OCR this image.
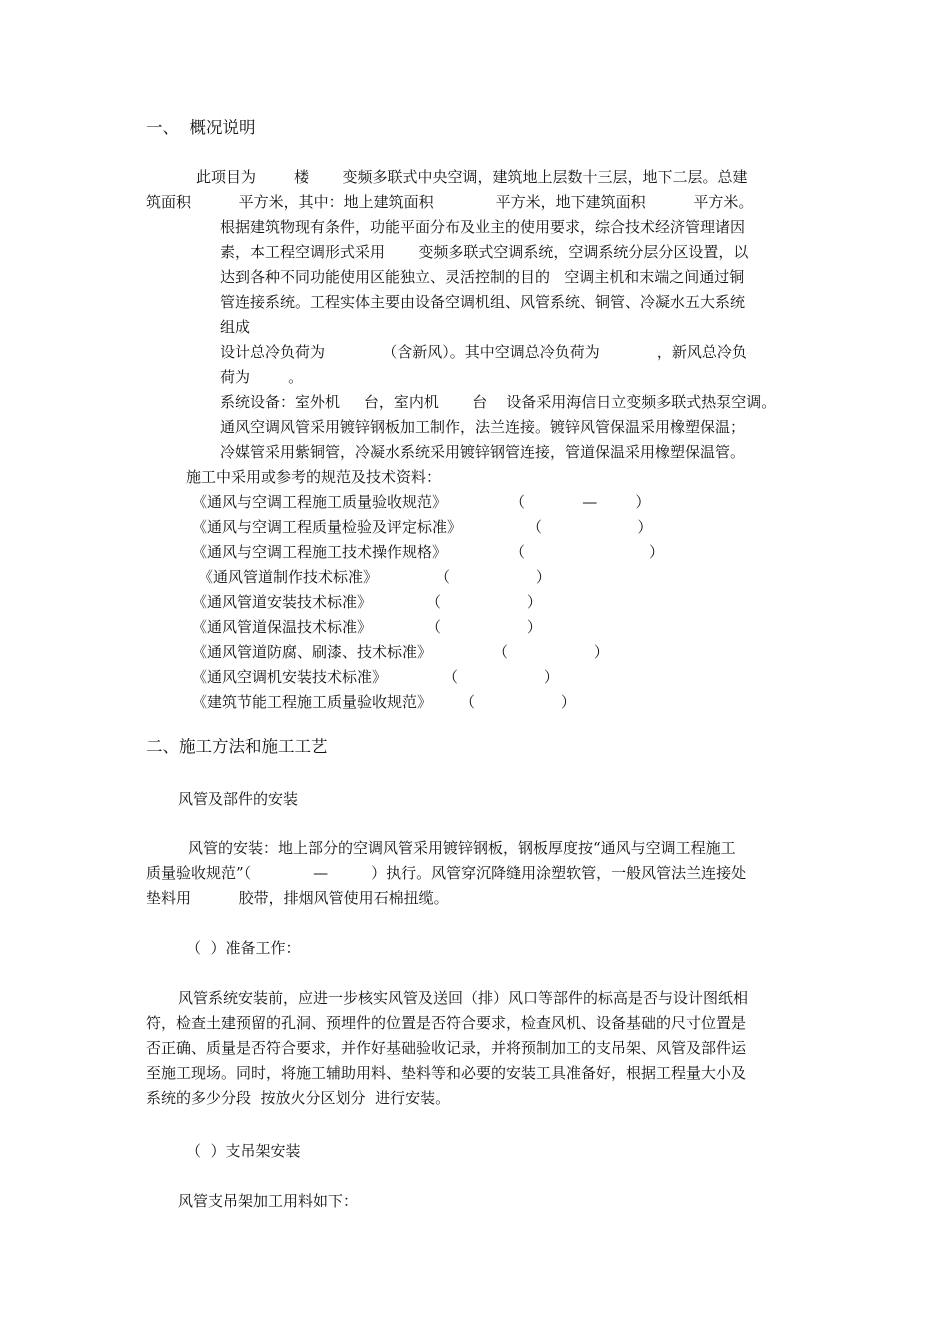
一、  概况说明
此项目为        楼       变频多联式中央空调，建筑地上层数十三层，地下二层。总建
筑面积          平方米，其中：地上建筑面积             平方米，地下建筑面积          平方米。
根据建筑物现有条件，功能平面分布及业主的使用要求，综合技术经济管理诸因
素，本工程空调形式采用       变频多联式空调系统，空调系统分层分区设置，以
达到各种不同功能使用区能独立、灵活控制的目的   空调主机和末端之间通过铜
管连接系统。工程实体主要由设备空调机组、风管系统、铜管、冷凝水五大系统
组成
设计总冷负荷为            （含新风）。其中空调总冷负荷为            ，新风总冷负
荷为        。
系统设备：室外机     台，室内机       台    设备采用海信日立变频多联式热泵空调。
通风空调风管采用镀锌钢板加工制作，法兰连接。镀锌风管保温采用橡塑保温；
冷媒管采用紫铜管，冷凝水系统采用镀锌钢管连接，管道保温采用橡塑保温管。
施工中采用或参考的规范及技术资料：
《通风与空调工程施工质量验收规范》	（            —        ）
《通风与空调工程质量检验及评定标准》	（                    ）
《通风与空调工程施工技术操作规格》	（                          ）
《通风管道制作技术标准》	（                  ）
《通风管道安装技术标准》	（                  ）
《通风管道保温技术标准》	（                  ）
《通风管道防腐、刷漆、技术标准》	（                  ）
《通风空调机安装技术标准》	（                  ）
《建筑节能工程施工质量验收规范》 （                  ）
二、施工方法和施工工艺
风管及部件的安装
风管的安装：地上部分的空调风管采用镀锌钢板，钢板厚度按“通风与空调工程施工
质量验收规范”（             —         ）执行。风管穿沉降缝用涂塑软管，一般风管法兰连接处
垫料用          胶带，排烟风管使用石棉扭缆。
（  ）准备工作：
风管系统安装前，应进一步核实风管及送回（排）风口等部件的标高是否与设计图纸相
符，检查土建预留的孔洞、预埋件的位置是否符合要求，检查风机、设备基础的尺寸位置是
否正确、质量是否符合要求，并作好基础验收记录，并将预制加工的支吊架、风管及部件运
至施工现场。同时，将施工辅助用料、垫料等和必要的安装工具准备好，根据工程量大小及
系统的多少分段  按放火分区划分  进行安装。
（  ）支吊架安装
风管支吊架加工用料如下：
